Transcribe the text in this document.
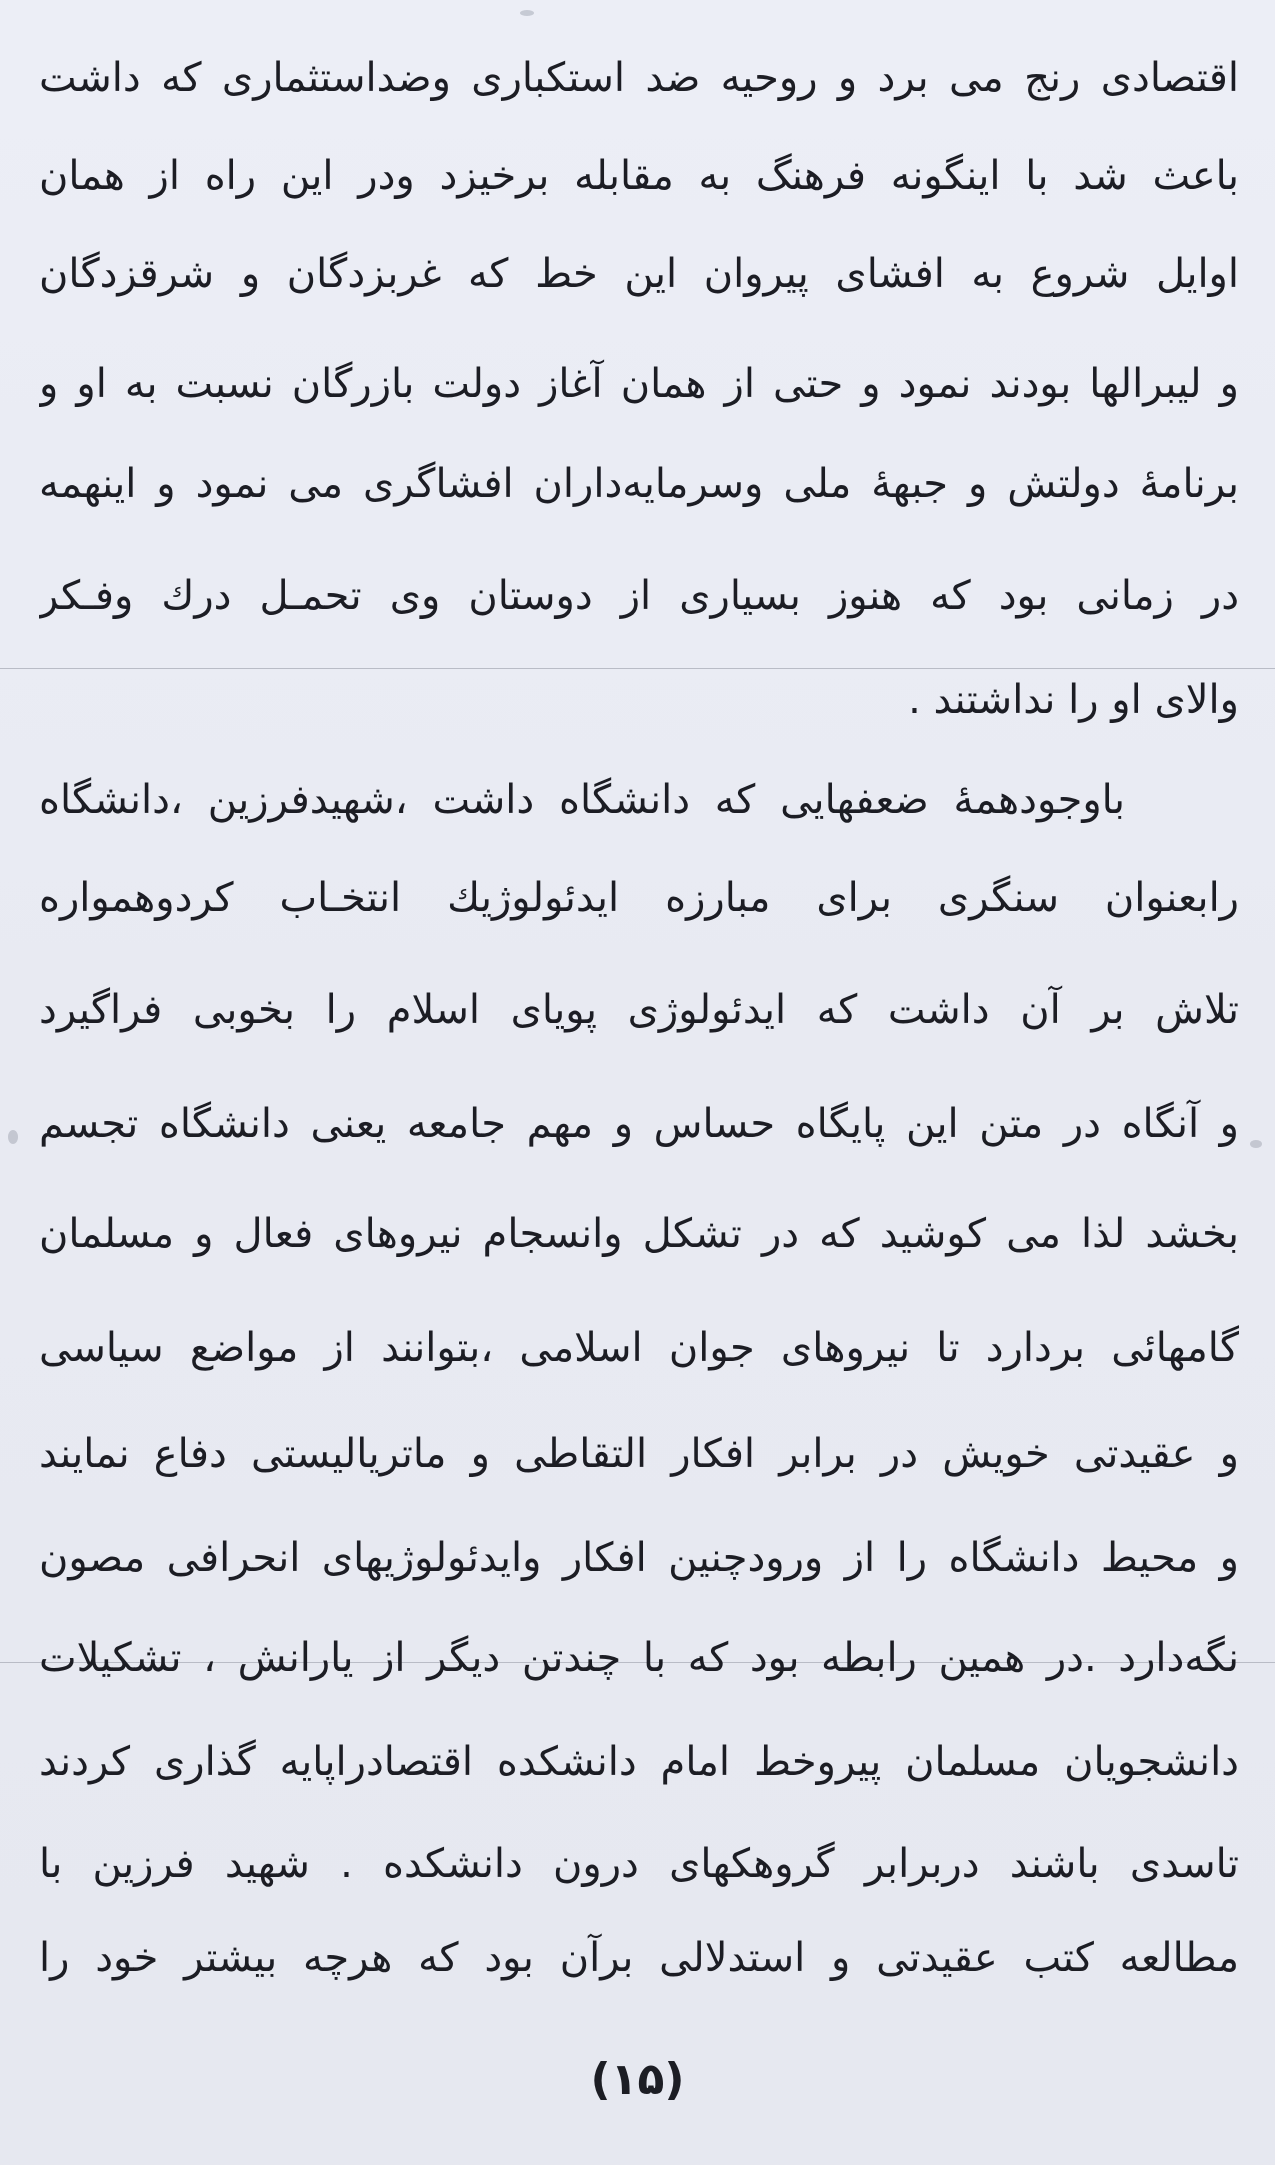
اقتصادی رنج می برد و روحیه ضد استکباری وضداستثماری که داشت
باعث شد با اینگونه فرهنگ به مقابله برخیزد ودر این راه از همان
اوایل شروع به افشای پیروان این خط که غربزدگان و شرقزدگان
و لیبرالها بودند نمود و حتی از همان آغاز دولت بازرگان نسبت به او و
برنامهٔ دولتش و جبههٔ ملی وسرمایه‌داران افشاگری می نمود و اینهمه
در زمانی بود که هنوز بسیاری از دوستان وی تحمـل درك وفـکر
والای او را نداشتند .
باوجودهمهٔ ضعفهایی که دانشگاه داشت ،شهیدفرزین ،دانشگاه
رابعنوان سنگری برای مبارزه ایدئولوژیك انتخـاب کردوهمواره
تلاش بر آن داشت که ایدئولوژی پویای اسلام را بخوبی فراگیرد
و آنگاه در متن این پایگاه حساس و مهم جامعه یعنی دانشگاه تجسم
بخشد لذا می کوشید که در تشکل وانسجام نیروهای فعال و مسلمان
گامهائی بردارد تا نیروهای جوان اسلامی ،بتوانند از مواضع سیاسی
و عقیدتی خویش در برابر افکار التقاطی و ماتریالیستی دفاع نمایند
و محیط دانشگاه را از ورودچنین افکار وایدئولوژیهای انحرافی مصون
نگه‌دارد .در همین رابطه بود که با چندتن دیگر از یارانش ، تشکیلات
دانشجویان مسلمان پیروخط امام دانشکده اقتصادراپایه گذاری کردند
تاسدی باشند دربرابر گروهکهای درون دانشکده . شهید فرزین با
مطالعه کتب عقیدتی و استدلالی برآن بود که هرچه بیشتر خود را
(۱۵)
